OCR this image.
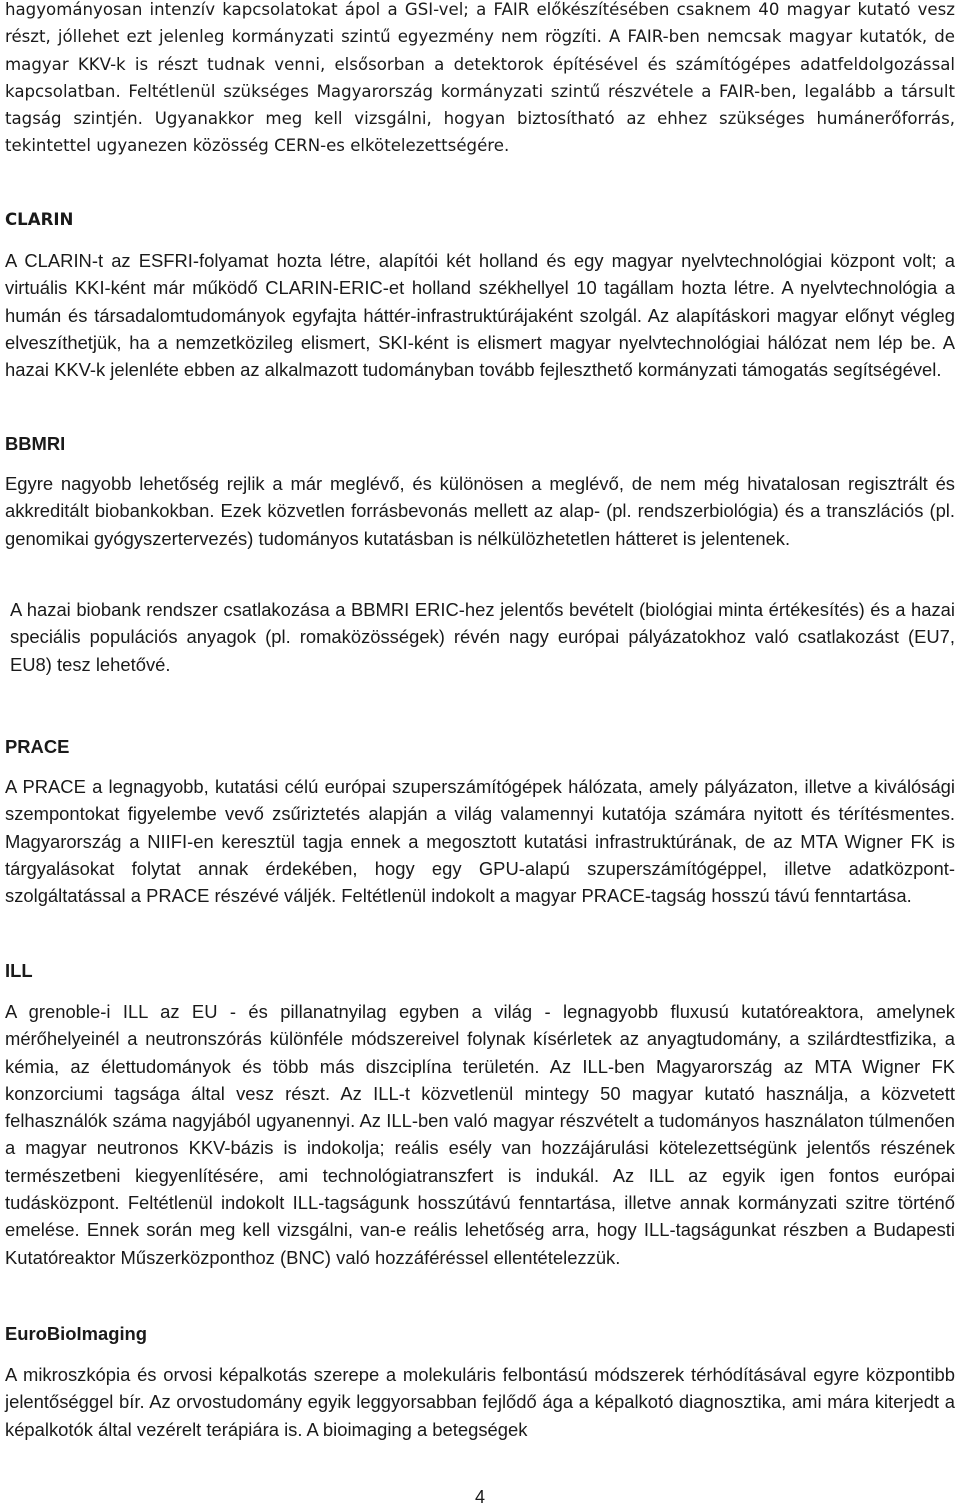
hagyományosan intenzív kapcsolatokat ápol a GSI-vel; a FAIR előkészítésében csaknem 40 magyar kutató vesz részt, jóllehet ezt jelenleg kormányzati szintű egyezmény nem rögzíti. A FAIR-ben nemcsak magyar kutatók, de magyar KKV-k is részt tudnak venni, elsősorban a detektorok építésével és számítógépes adatfeldolgozással kapcsolatban. Feltétlenül szükséges Magyarország kormányzati szintű részvétele a FAIR-ben, legalább a társult tagság szintjén. Ugyanakkor meg kell vizsgálni, hogyan biztosítható az ehhez szükséges humánerőforrás, tekintettel ugyanezen közösség CERN-es elkötelezettségére.

CLARIN

A CLARIN-t az ESFRI-folyamat hozta létre, alapítói két holland és egy magyar nyelvtechnológiai központ volt; a virtuális KKI-ként már működő CLARIN-ERIC-et holland székhellyel 10 tagállam hozta létre. A nyelvtechnológia a humán és társadalomtudományok egyfajta háttér-infrastruktúrájaként szolgál. Az alapításkori magyar előnyt végleg elveszíthetjük, ha a nemzetközileg elismert, SKI-ként is elismert magyar nyelvtechnológiai hálózat nem lép be. A hazai KKV-k jelenléte ebben az alkalmazott tudományban tovább fejleszthető kormányzati támogatás segítségével.

BBMRI

Egyre nagyobb lehetőség rejlik a már meglévő, és különösen a meglévő, de nem még hivatalosan regisztrált és akkreditált biobankokban. Ezek közvetlen forrásbevonás mellett az alap- (pl. rendszerbiológia) és a transzlációs (pl. genomikai gyógyszertervezés) tudományos kutatásban is nélkülözhetetlen hátteret is jelentenek.

A hazai biobank rendszer csatlakozása a BBMRI ERIC-hez jelentős bevételt (biológiai minta értékesítés) és a hazai speciális populációs anyagok (pl. romaközösségek) révén nagy európai pályázatokhoz való csatlakozást (EU7, EU8) tesz lehetővé.

PRACE

A PRACE a legnagyobb, kutatási célú európai szuperszámítógépek hálózata, amely pályázaton, illetve a kiválósági szempontokat figyelembe vevő zsűriztetés alapján a világ valamennyi kutatója számára nyitott és térítésmentes. Magyarország a NIIFI-en keresztül tagja ennek a megosztott kutatási infrastruktúrának, de az MTA Wigner FK is tárgyalásokat folytat annak érdekében, hogy egy GPU-alapú szuperszámítógéppel, illetve adatközpont-szolgáltatással a PRACE részévé váljék. Feltétlenül indokolt a magyar PRACE-tagság hosszú távú fenntartása.

ILL

A grenoble-i ILL az EU - és pillanatnyilag egyben a világ - legnagyobb fluxusú kutatóreaktora, amelynek mérőhelyeinél a neutronszórás különféle módszereivel folynak kísérletek az anyagtudomány, a szilárdtestfizika, a kémia, az élettudományok és több más diszciplína területén. Az ILL-ben Magyarország az MTA Wigner FK konzorciumi tagsága által vesz részt. Az ILL-t közvetlenül mintegy 50 magyar kutató használja, a közvetett felhasználók száma nagyjából ugyanennyi. Az ILL-ben való magyar részvételt a tudományos használaton túlmenően a magyar neutronos KKV-bázis is indokolja; reális esély van hozzájárulási kötelezettségünk jelentős részének természetbeni kiegyenlítésére, ami technológiatranszfert is indukál. Az ILL az egyik igen fontos európai tudásközpont. Feltétlenül indokolt ILL-tagságunk hosszútávú fenntartása, illetve annak kormányzati szitre történő emelése. Ennek során meg kell vizsgálni, van-e reális lehetőség arra, hogy ILL-tagságunkat részben a Budapesti Kutatóreaktor Műszerközponthoz (BNC) való hozzáféréssel ellentételezzük.

EuroBioImaging

A mikroszkópia és orvosi képalkotás szerepe a molekuláris felbontású módszerek térhódításával egyre központibb jelentőséggel bír. Az orvostudomány egyik leggyorsabban fejlődő ága a képalkotó diagnosztika, ami mára kiterjedt a képalkotók által vezérelt terápiára is. A bioimaging a betegségek

4
